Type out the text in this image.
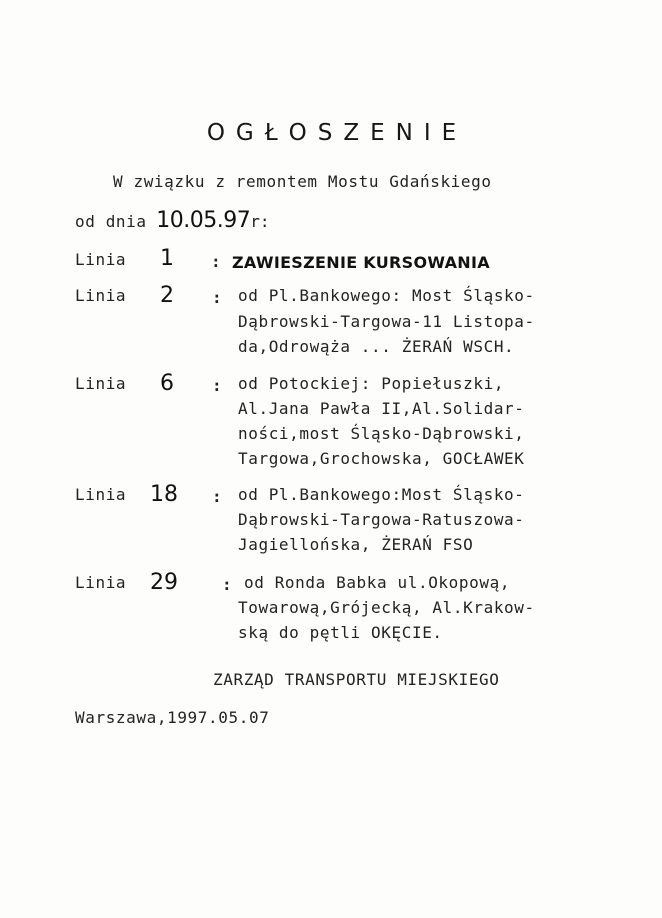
OGŁOSZENIE
W związku z remontem Mostu Gdańskiego
od dnia 10.05.97r:
Linia 1 : ZAWIESZENIE KURSOWANIA
Linia 2 : od Pl.Bankowego: Most Śląsko-
Dąbrowski-Targowa-11 Listopa-
da,Odrowąża ... ŻERAŃ WSCH.
Linia 6 : od Potockiej: Popiełuszki,
Al.Jana Pawła II,Al.Solidar-
ności,most Śląsko-Dąbrowski,
Targowa,Grochowska, GOCŁAWEK
Linia 18 : od Pl.Bankowego:Most Śląsko-
Dąbrowski-Targowa-Ratuszowa-
Jagiellońska, ŻERAŃ FSO
Linia 29	: od Ronda Babka ul.Okopową,
Towarową,Grójecką, Al.Krakow-
ską do pętli OKĘCIE.
ZARZĄD TRANSPORTU MIEJSKIEGO
Warszawa,1997.05.07
